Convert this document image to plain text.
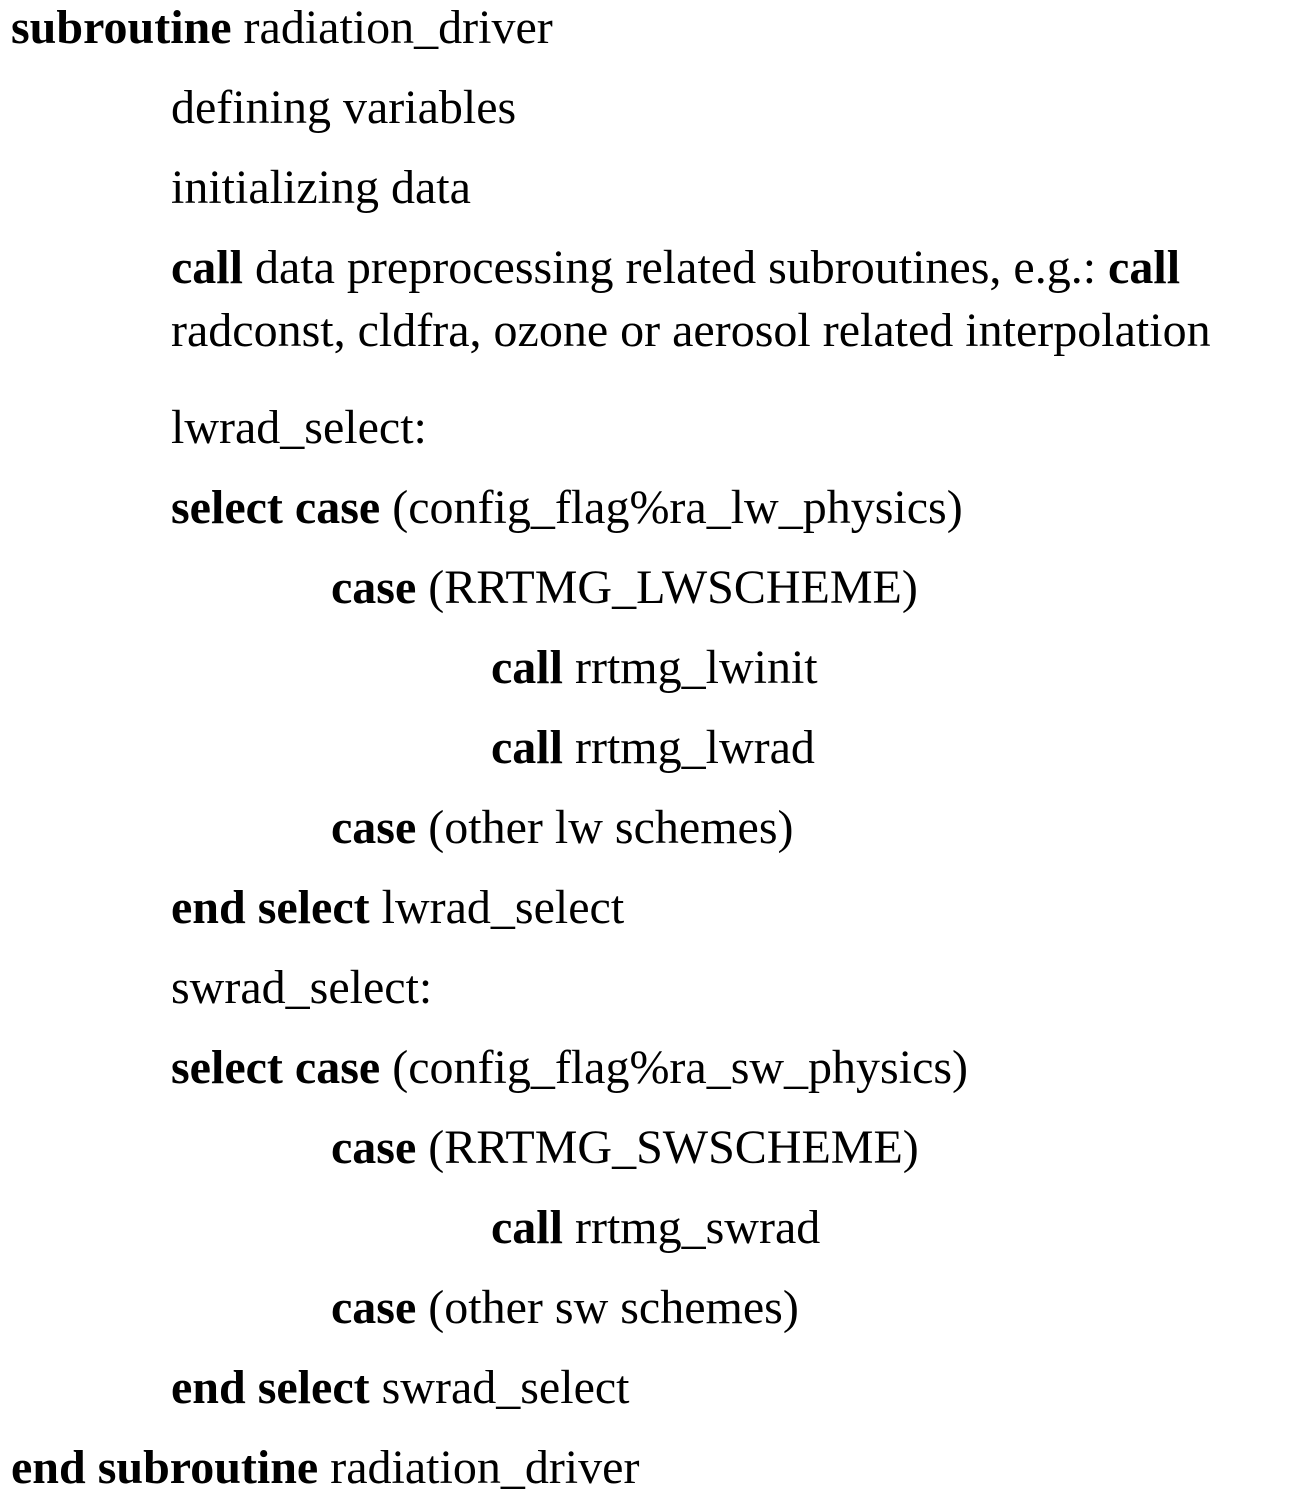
subroutine radiation_driver
defining variables
initializing data
call data preprocessing related subroutines, e.g.: call
radconst, cldfra, ozone or aerosol related interpolation
lwrad_select:
select case (config_flag%ra_lw_physics)
case (RRTMG_LWSCHEME)
call rrtmg_lwinit
call rrtmg_lwrad
case (other lw schemes)
end select lwrad_select
swrad_select:
select case (config_flag%ra_sw_physics)
case (RRTMG_SWSCHEME)
call rrtmg_swrad
case (other sw schemes)
end select swrad_select
end subroutine radiation_driver
